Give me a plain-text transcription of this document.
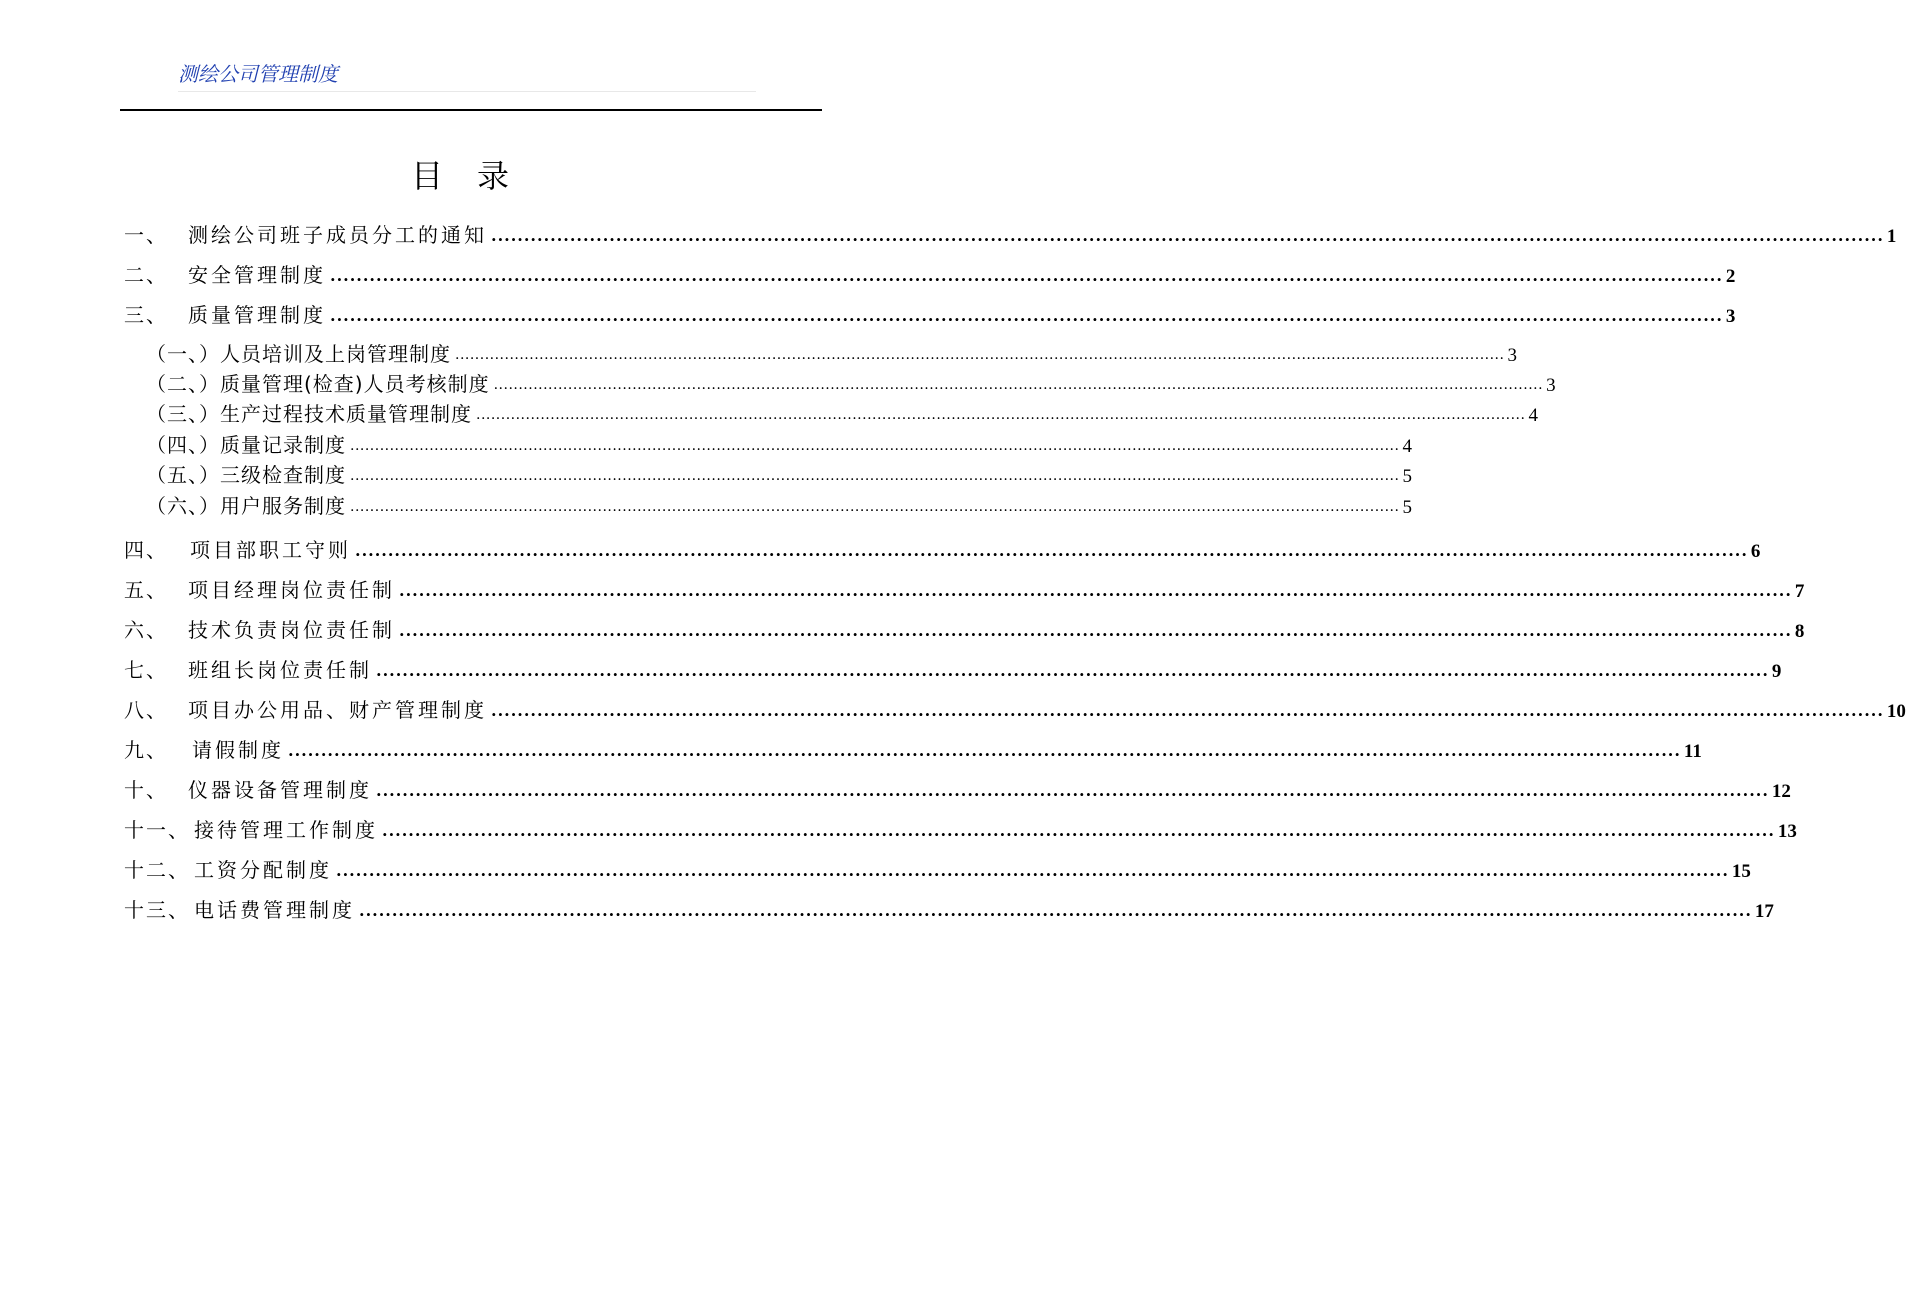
测绘公司管理制度
目录
一、	测绘公司班子成员分工的通知 .................................................................................................................................................................................................................... 1
二、	安全管理制度 .................................................................................................................................................................................................................... 2
三、	质量管理制度 .................................................................................................................................................................................................................... 3
（一、）人员培训及上岗管理制度 .................................................................................................................................................................................................................... 3
（二、）质量管理(检查)人员考核制度 .................................................................................................................................................................................................................... 3
（三、）生产过程技术质量管理制度 .................................................................................................................................................................................................................... 4
（四、）质量记录制度 .................................................................................................................................................................................................................... 4
（五、）三级检查制度 .................................................................................................................................................................................................................... 5
（六、）用户服务制度 .................................................................................................................................................................................................................... 5
四、	项目部职工守则 .................................................................................................................................................................................................................... 6
五、	项目经理岗位责任制 .................................................................................................................................................................................................................... 7
六、	技术负责岗位责任制 .................................................................................................................................................................................................................... 8
七、	班组长岗位责任制 .................................................................................................................................................................................................................... 9
八、	项目办公用品、财产管理制度 .................................................................................................................................................................................................................... 10
九、	请假制度 .................................................................................................................................................................................................................... 11
十、	仪器设备管理制度 .................................................................................................................................................................................................................... 12
十一、 接待管理工作制度 .................................................................................................................................................................................................................... 13
十二、 工资分配制度 .................................................................................................................................................................................................................... 15
十三、 电话费管理制度 .................................................................................................................................................................................................................... 17
